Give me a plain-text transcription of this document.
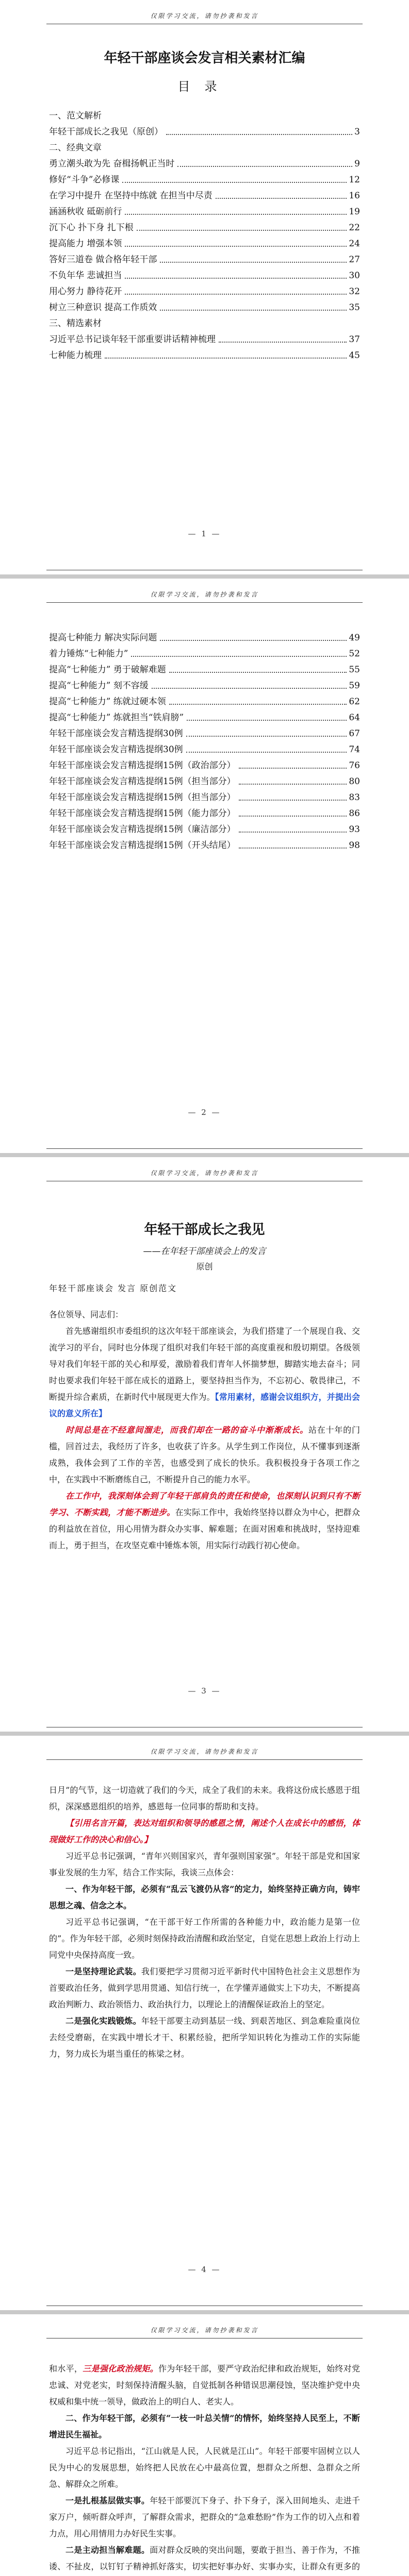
仅限学习交流，请勿抄袭和发言
年轻干部座谈会发言相关素材汇编
目录
一、范文解析
年轻干部成长之我见（原创）	3
二、经典文章
勇立潮头敢为先 奋楫扬帆正当时	9
修好“斗争”必修课	12
在学习中提升 在坚持中练就 在担当中尽责	16
涵涵秋收 砥砺前行	19
沉下心 扑下身 扎下根	22
提高能力 增强本领	24
答好三道卷 做合格年轻干部	27
不负年华 悲诚担当	30
用心努力 静待花开	32
树立三种意识 提高工作质效	35
三、精选素材
习近平总书记谈年轻干部重要讲话精神梳理	37
七种能力梳理	45
— 1 —
仅限学习交流，请勿抄袭和发言
提高七种能力 解决实际问题	49
着力锤炼“七种能力”	52
提高“七种能力” 勇于破解难题	55
提高“七种能力” 刻不容缓	59
提高“七种能力” 练就过硬本领	62
提高“七种能力” 炼就担当“铁肩膀”	64
年轻干部座谈会发言精选提纲30例	67
年轻干部座谈会发言精选提纲30例	74
年轻干部座谈会发言精选提纲15例（政治部分）	76
年轻干部座谈会发言精选提纲15例（担当部分）	80
年轻干部座谈会发言精选提纲15例（担当部分）	83
年轻干部座谈会发言精选提纲15例（能力部分）	86
年轻干部座谈会发言精选提纲15例（廉洁部分）	93
年轻干部座谈会发言精选提纲15例（开头结尾）	98
— 2 —
仅限学习交流，请勿抄袭和发言
年轻干部成长之我见
——在年轻干部座谈会上的发言
原创
年轻干部座谈会 发言 原创范文

各位领导、同志们：

首先感谢组织市委组织的这次年轻干部座谈会，为我们搭建了一个展现自我、交流学习的平台，同时也分体现了组织对我们年轻干部的高度重视和殷切期望。各级领导对我们年轻干部的关心和厚爱，激励着我们青年人怀揣梦想，脚踏实地去奋斗；同时也要求我们年轻干部在成长的道路上，要坚持担当作为，不忘初心、敬畏律己，不断提升综合素质，在新时代中展现更大作为。【常用素材，感谢会议组织方，并提出会议的意义所在】

时间总是在不经意间溜走，而我们却在一路的奋斗中渐渐成长。站在十年的门槛，回首过去，我经历了许多，也收获了许多。从学生到工作岗位，从不懂事到逐渐成熟，我体会到了工作的辛苦，也感受到了成长的快乐。我积极投身于各项工作之中，在实践中不断磨练自己，不断提升自己的能力水平。

在工作中，我深刻体会到了年轻干部肩负的责任和使命，也深刻认识到只有不断学习、不断实践，才能不断进步。在实际工作中，我始终坚持以群众为中心，把群众的利益放在首位，用心用情为群众办实事、解难题；在面对困难和挑战时，坚持迎难而上，勇于担当，在攻坚克难中锤炼本领，用实际行动践行初心使命。

— 3 —
仅限学习交流，请勿抄袭和发言

日月”的气节，这一切造就了我们的今天，成全了我们的未来。我将这份成长感恩于组织，深深感恩组织的培养，感恩每一位同事的帮助和支持。

【引用名言开篇，表达对组织和领导的感恩之情，阐述个人在成长中的感悟，体现做好工作的决心和信心。】

习近平总书记强调，“青年兴则国家兴，青年强则国家强”。年轻干部是党和国家事业发展的生力军，结合工作实际，我谈三点体会：

一、作为年轻干部，必须有“乱云飞渡仍从容”的定力，始终坚持正确方向，铸牢思想之魂、信念之本。

习近平总书记强调，“在干部干好工作所需的各种能力中，政治能力是第一位的”。作为年轻干部，必须时刻保持政治清醒和政治坚定，自觉在思想上政治上行动上同党中央保持高度一致。

一是坚持理论武装。我们要把学习贯彻习近平新时代中国特色社会主义思想作为首要政治任务，做到学思用贯通、知信行统一，在学懂弄通做实上下功夫，不断提高政治判断力、政治领悟力、政治执行力，以理论上的清醒保证政治上的坚定。

二是强化实践锻炼。年轻干部要主动到基层一线、到艰苦地区、到急难险重岗位去经受磨砺，在实践中增长才干、积累经验，把所学知识转化为推动工作的实际能力，努力成长为堪当重任的栋梁之材。

— 4 —
仅限学习交流，请勿抄袭和发言

和水平，三是强化政治规矩。作为年轻干部，要严守政治纪律和政治规矩，始终对党忠诚、对党老实，时刻保持清醒头脑，自觉抵制各种错误思潮侵蚀，坚决维护党中央权威和集中统一领导，做政治上的明白人、老实人。

二、作为年轻干部，必须有“一枝一叶总关情”的情怀，始终坚持人民至上，不断增进民生福祉。

习近平总书记指出，“江山就是人民，人民就是江山”。年轻干部要牢固树立以人民为中心的发展思想，始终把人民放在心中最高位置，想群众之所想、急群众之所急、解群众之所难。

一是扎根基层做实事。年轻干部要沉下身子、扑下身子，深入田间地头、走进千家万户，倾听群众呼声，了解群众需求，把群众的“急难愁盼”作为工作的切入点和着力点，用心用情用力办好民生实事。

二是主动担当解难题。面对群众反映的突出问题，要敢于担当、善于作为，不推诿、不扯皮，以钉钉子精神抓好落实，切实把好事办好、实事办实，让群众有更多的
